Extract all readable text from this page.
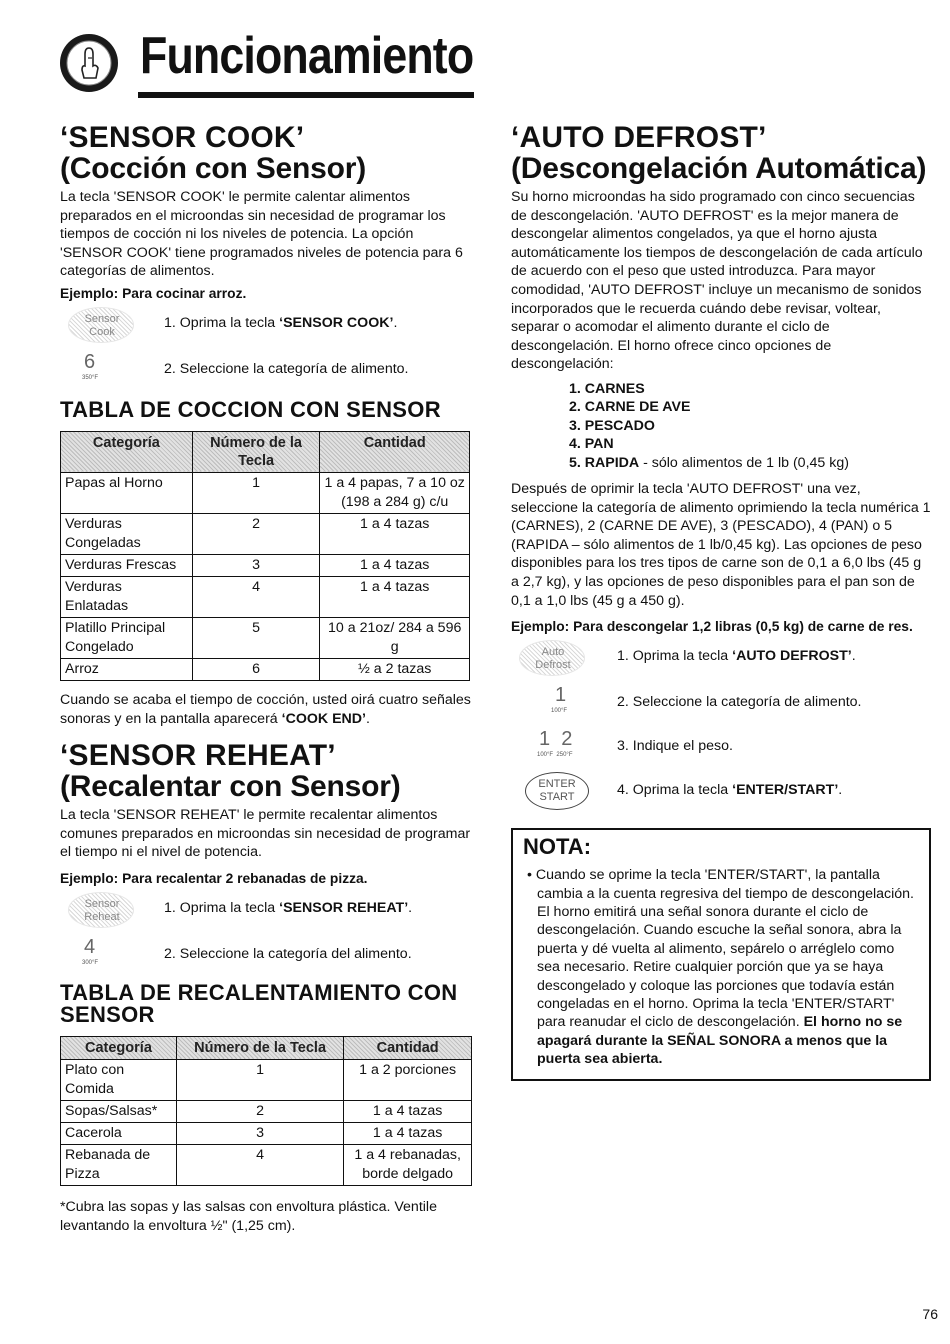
Funcionamiento
‘SENSOR COOK’
(Cocción con Sensor)

La tecla 'SENSOR COOK' le permite calentar alimentos preparados en el microondas sin necesidad de programar los tiempos de cocción ni los niveles de potencia. La opción 'SENSOR COOK' tiene programados niveles de potencia para 6 categorías de alimentos.

Ejemplo: Para cocinar arroz.

Sensor
Cook
1. Oprima la tecla ‘SENSOR COOK’.
6
350°F
2. Seleccione la categoría de alimento.
TABLA DE COCCION CON SENSOR
Categoría	Número de la Tecla	Cantidad
Papas al Horno	1	1 a 4 papas, 7 a 10 oz (198 a 284 g) c/u
Verduras Congeladas	2	1 a 4 tazas
Verduras Frescas	3	1 a 4 tazas
Verduras Enlatadas	4	1 a 4 tazas
Platillo Principal Congelado	5	10 a 21oz/ 284 a 596 g
Arroz	6	½ a 2 tazas

Cuando se acaba el tiempo de cocción, usted oirá cuatro señales sonoras y en la pantalla aparecerá ‘COOK END’.

‘SENSOR REHEAT’
(Recalentar con Sensor)

La tecla 'SENSOR REHEAT' le permite recalentar alimentos comunes preparados en microondas sin necesidad de programar el tiempo ni el nivel de potencia.

Ejemplo: Para recalentar 2 rebanadas de pizza.

Sensor
Reheat
1. Oprima la tecla ‘SENSOR REHEAT’.
4
300°F
2. Seleccione la categoría del alimento.
TABLA DE RECALENTAMIENTO CON SENSOR
Categoría	Número de la Tecla	Cantidad
Plato con Comida	1	1 a 2 porciones
Sopas/Salsas*	2	1 a 4 tazas
Cacerola	3	1 a 4 tazas
Rebanada de Pizza	4	1 a 4 rebanadas, borde delgado

*Cubra las sopas y las salsas con envoltura plástica. Ventile levantando la envoltura ½" (1,25 cm).

‘AUTO DEFROST’
(Descongelación Automática)

Su horno microondas ha sido programado con cinco secuencias de descongelación. 'AUTO DEFROST' es la mejor manera de descongelar alimentos congelados, ya que el horno ajusta automáticamente los tiempos de descongelación de cada artículo de acuerdo con el peso que usted introduzca. Para mayor comodidad, 'AUTO DEFROST' incluye un mecanismo de sonidos incorporados que le recuerda cuándo debe revisar, voltear, separar o acomodar el alimento durante el ciclo de descongelación. El horno ofrece cinco opciones de descongelación:

1. CARNES
2. CARNE DE AVE
3. PESCADO
4. PAN
5. RAPIDA - sólo alimentos de 1 lb (0,45 kg)

Después de oprimir la tecla 'AUTO DEFROST' una vez, seleccione la categoría de alimento oprimiendo la tecla numérica 1 (CARNES), 2 (CARNE DE AVE), 3 (PESCADO), 4 (PAN) o 5 (RAPIDA – sólo alimentos de 1 lb/0,45 kg). Las opciones de peso disponibles para los tres tipos de carne son de 0,1 a 6,0 lbs (45 g a 2,7 kg), y las opciones de peso disponibles para el pan son de 0,1 a 1,0 lbs (45 g a 450 g).

Ejemplo: Para descongelar 1,2 libras (0,5 kg) de carne de res.

Auto
Defrost
1. Oprima la tecla ‘AUTO DEFROST’.
1
100°F
2. Seleccione la categoría de alimento.
1  2
100°F  250°F
3. Indique el peso.
ENTER
START	4. Oprima la tecla ‘ENTER/START’.
NOTA:

• Cuando se oprime la tecla 'ENTER/START', la pantalla cambia a la cuenta regresiva del tiempo de descongelación. El horno emitirá una señal sonora durante el ciclo de descongelación. Cuando escuche la señal sonora, abra la puerta y dé vuelta al alimento, sepárelo o arréglelo como sea necesario. Retire cualquier porción que ya se haya descongelado y coloque las porciones que todavía están congeladas en el horno. Oprima la tecla 'ENTER/START' para reanudar el ciclo de descongelación. El horno no se apagará durante la SEÑAL SONORA a menos que la puerta sea abierta.

76
